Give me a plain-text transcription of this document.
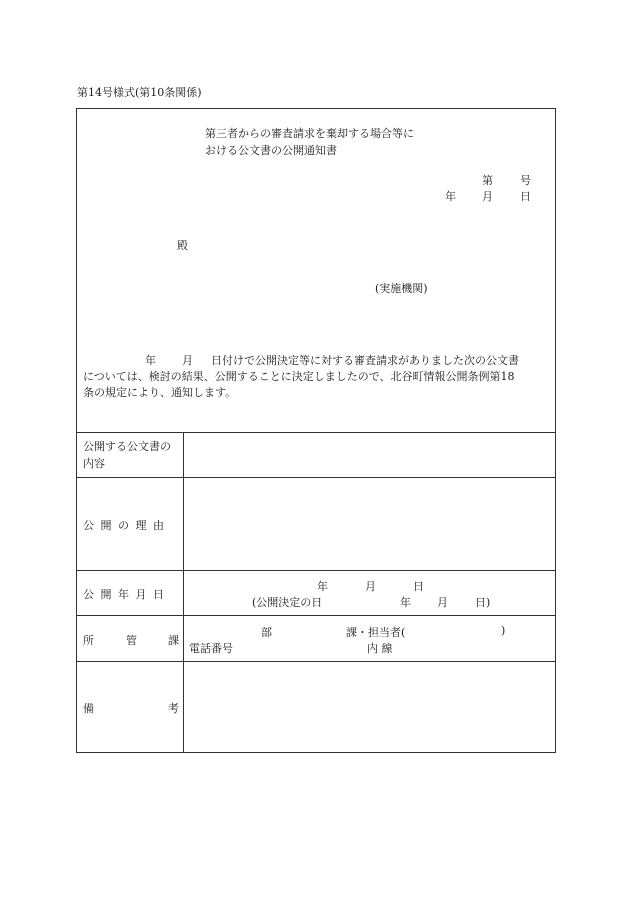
第14号様式(第10条関係)
第三者からの審査請求を棄却する場合等に
おける公文書の公開通知書
第 号
年 月 日
殿
(実施機関)
年 月 日付けで公開決定等に対する審査請求がありました次の公文書
については、検討の結果、公開することに決定しましたので、北谷町情報公開条例第18
条の規定により、通知します。
公開する公文書の
内容
公 開 の 理 由
公 開 年 月 日
年	月	日
(公開決定の日	年 月 日)
所	管	課
部	課・担当者(	)
電話番号	内 線
備	考
